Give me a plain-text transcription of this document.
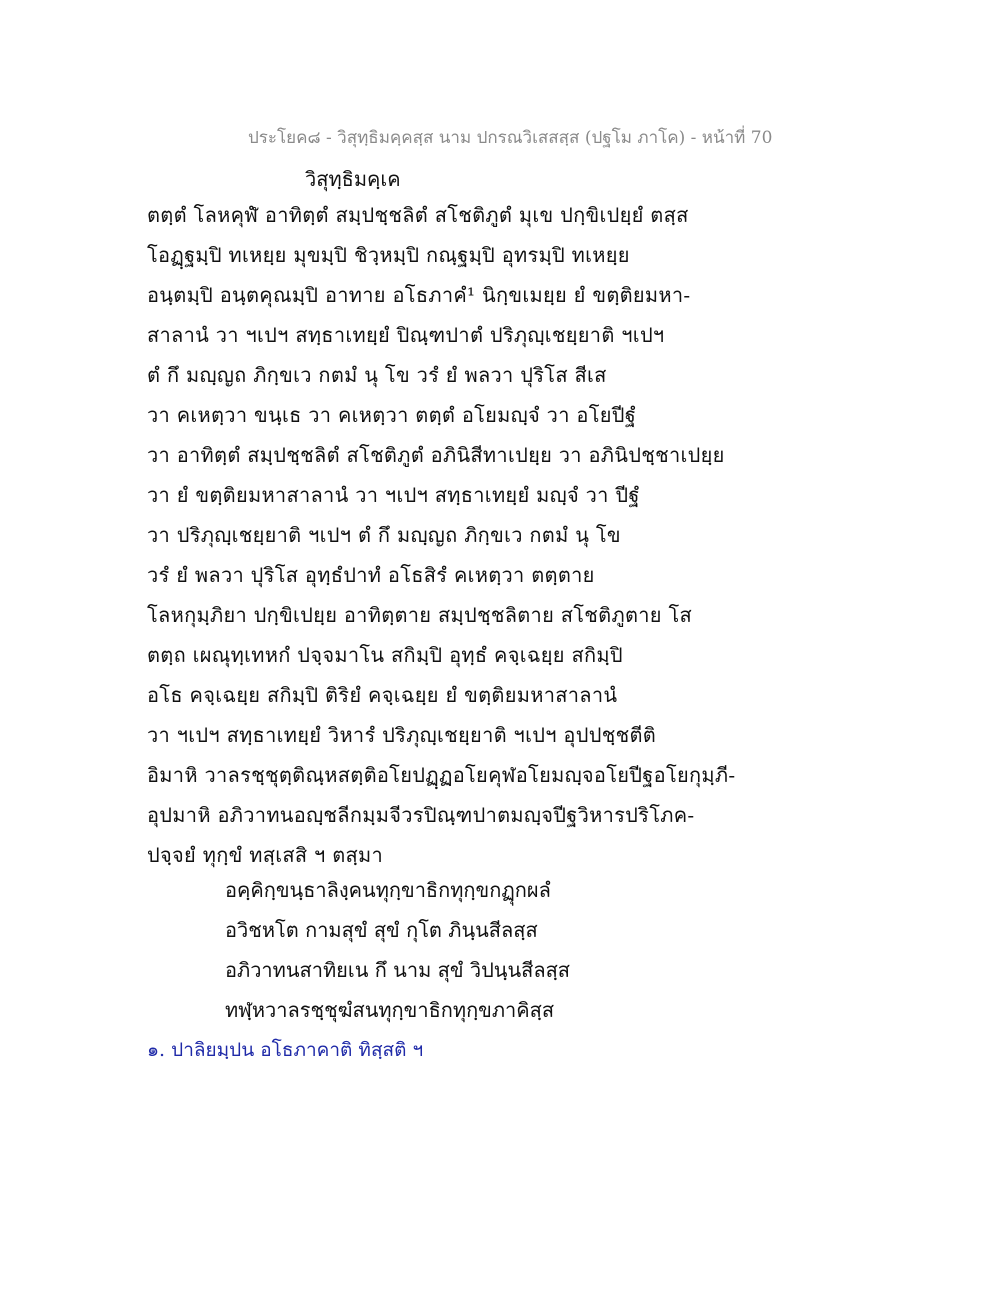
ประโยค๘ - วิสุทฺธิมคฺคสฺส นาม ปกรณวิเสสสฺส (ปฐโม ภาโค) - หน้าที่ 70
วิสุทฺธิมคฺเค
ตตฺตํ โลหคุฬํ อาทิตฺตํ สมฺปชฺชลิตํ สโชติภูตํ มุเข ปกฺขิเปยฺยํ ตสฺส
โอฏฺฐมฺปิ ทเหยฺย มุขมฺปิ ชิวฺหมฺปิ กณฺฐมฺปิ อุทรมฺปิ ทเหยฺย
อนฺตมฺปิ อนฺตคุณมฺปิ อาทาย อโธภาคํ¹ นิกฺขเมยฺย ยํ ขตฺติยมหา-
สาลานํ วา ฯเปฯ สทฺธาเทยฺยํ ปิณฺฑปาตํ ปริภุญฺเชยฺยาติ ฯเปฯ
ตํ กึ มญฺญถ ภิกฺขเว กตมํ นุ โข วรํ ยํ พลวา ปุริโส สีเส
วา คเหตฺวา ขนฺเธ วา คเหตฺวา ตตฺตํ อโยมญฺจํ วา อโยปีฐํ
วา อาทิตฺตํ สมฺปชฺชลิตํ สโชติภูตํ อภินิสีทาเปยฺย วา อภินิปชฺชาเปยฺย
วา ยํ ขตฺติยมหาสาลานํ วา ฯเปฯ สทฺธาเทยฺยํ มญฺจํ วา ปีฐํ
วา ปริภุญฺเชยฺยาติ ฯเปฯ ตํ กึ มญฺญถ ภิกฺขเว กตมํ นุ โข
วรํ ยํ พลวา ปุริโส อุทฺธํปาทํ อโธสิรํ คเหตฺวา ตตฺตาย
โลหกุมฺภิยา ปกฺขิเปยฺย อาทิตฺตาย สมฺปชฺชลิตาย สโชติภูตาย โส
ตตฺถ เผณุทฺเทหกํ ปจฺจมาโน สกิมฺปิ อุทฺธํ คจฺเฉยฺย สกิมฺปิ
อโธ คจฺเฉยฺย สกิมฺปิ ติริยํ คจฺเฉยฺย ยํ ขตฺติยมหาสาลานํ
วา ฯเปฯ สทฺธาเทยฺยํ วิหารํ ปริภุญฺเชยฺยาติ ฯเปฯ อุปปชฺชตีติ
อิมาหิ วาลรชฺชุตฺติณฺหสตฺติอโยปฏฺฏอโยคุฬอโยมญฺจอโยปีฐอโยกุมฺภี-
อุปมาหิ อภิวาทนอญฺชลีกมฺมจีวรปิณฺฑปาตมญฺจปีฐวิหารปริโภค-
ปจฺจยํ ทุกฺขํ ทสฺเสสิ ฯ ตสฺมา
อคฺคิกฺขนฺธาลิงฺคนทุกฺขาธิกทุกฺขกฏุกผลํ
อวิชหโต กามสุขํ สุขํ กุโต ภินฺนสีลสฺส
อภิวาทนสาทิยเน กึ นาม สุขํ วิปนฺนสีลสฺส
ทฬฺหวาลรชฺชุฆํสนทุกฺขาธิกทุกฺขภาคิสฺส
๑. ปาลิยมฺปน อโธภาคาติ ทิสฺสติ ฯ
